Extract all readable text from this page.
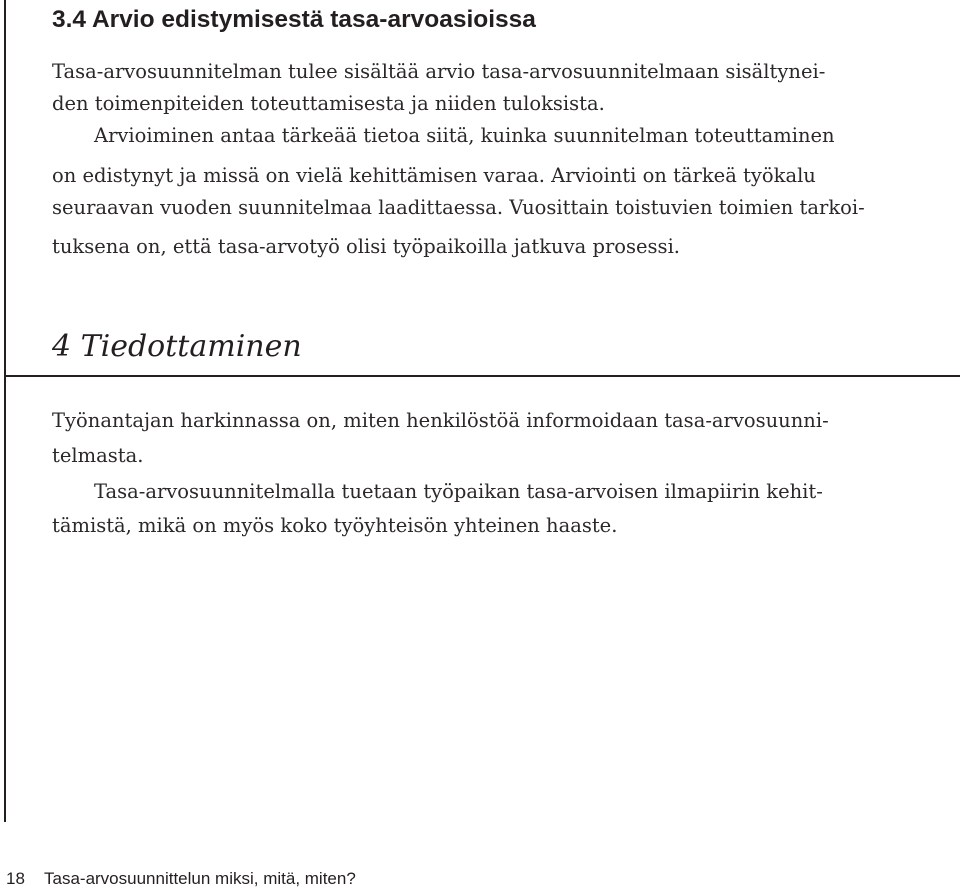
3.4 Arvio edistymisestä tasa-arvoasioissa

Tasa-arvosuunnitelman tulee sisältää arvio tasa-arvosuunnitelmaan sisältynei-

den toimenpiteiden toteuttamisesta ja niiden tuloksista.

Arvioiminen antaa tärkeää tietoa siitä, kuinka suunnitelman toteuttaminen

on edistynyt ja missä on vielä kehittämisen varaa. Arviointi on tärkeä työkalu

seuraavan vuoden suunnitelmaa laadittaessa. Vuosittain toistuvien toimien tarkoi-

tuksena on, että tasa-arvotyö olisi työpaikoilla jatkuva prosessi.

4 Tiedottaminen

Työnantajan harkinnassa on, miten henkilöstöä informoidaan tasa-arvosuunni-

telmasta.

Tasa-arvosuunnitelmalla tuetaan työpaikan tasa-arvoisen ilmapiirin kehit-

tämistä, mikä on myös koko työyhteisön yhteinen haaste.

18 Tasa-arvosuunnittelun miksi, mitä, miten?
